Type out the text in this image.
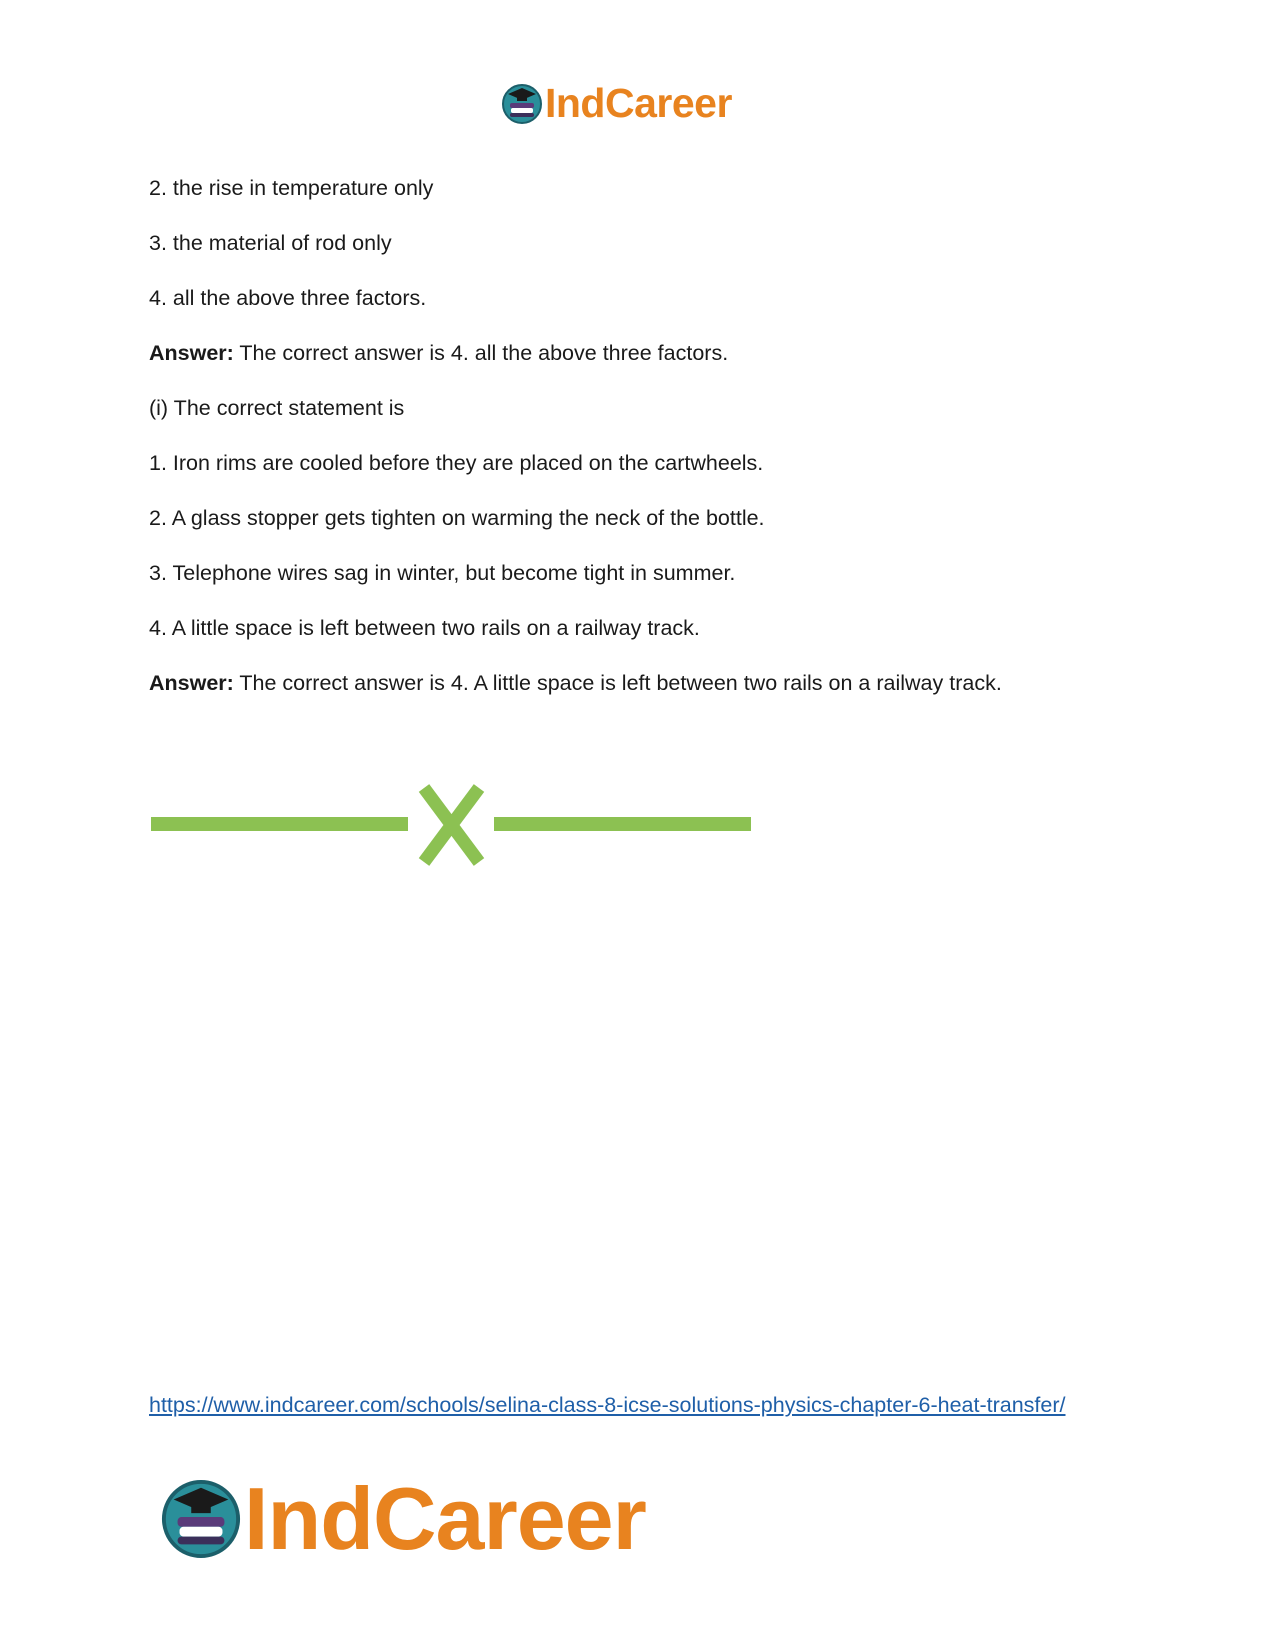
IndCareer
2. the rise in temperature only
3. the material of rod only
4. all the above three factors.
Answer: The correct answer is 4. all the above three factors.
(i) The correct statement is
1. Iron rims are cooled before they are placed on the cartwheels.
2. A glass stopper gets tighten on warming the neck of the bottle.
3. Telephone wires sag in winter, but become tight in summer.
4. A little space is left between two rails on a railway track.
Answer: The correct answer is 4. A little space is left between two rails on a railway track.
https://www.indcareer.com/schools/selina-class-8-icse-solutions-physics-chapter-6-heat-transfer/
IndCareer
